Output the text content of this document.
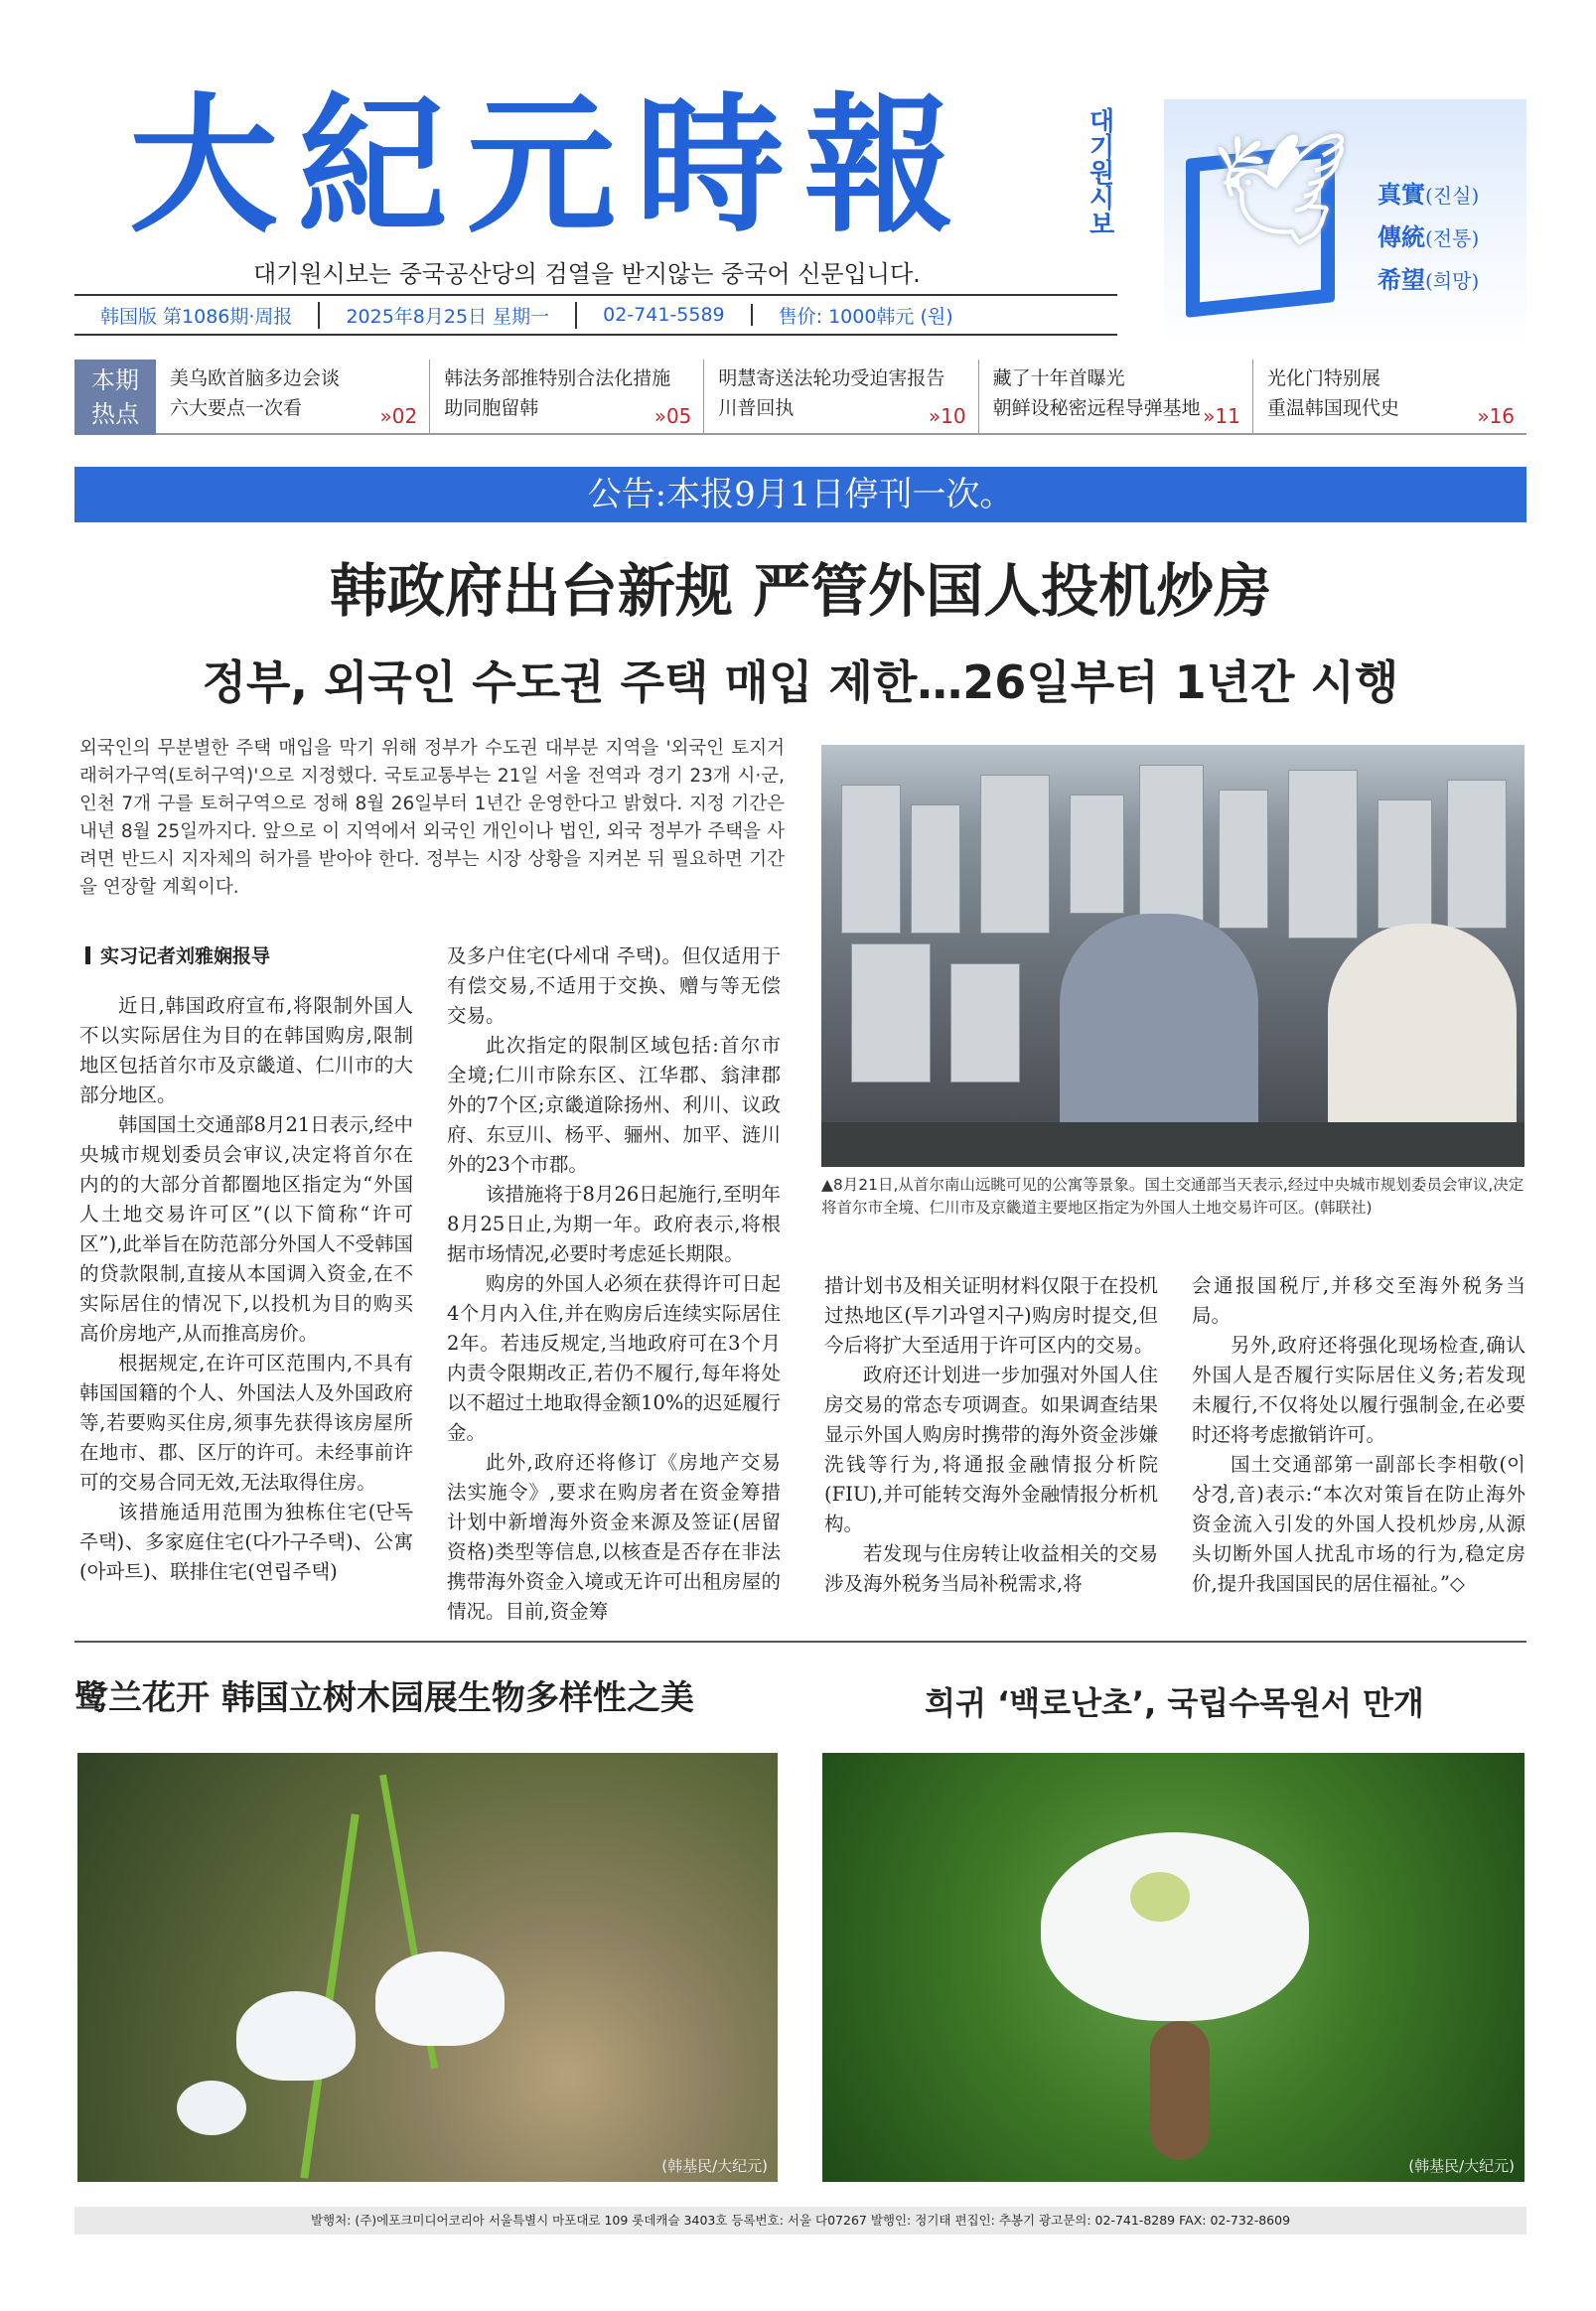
大紀元時報	대기원시보
대기원시보는 중국공산당의 검열을 받지않는 중국어 신문입니다.
韩国版 第1086期·周报	2025年8月25日 星期一	02-741-5589	售价: 1000韩元 (원)
🕊 真實(진실)
傳統(전통)
希望(희망)
本期
热点
美乌欧首脑多边会谈
六大要点一次看	»02
韩法务部推特别合法化措施
助同胞留韩	»05
明慧寄送法轮功受迫害报告
川普回执	»10
藏了十年首曝光
朝鲜设秘密远程导弹基地 »11
光化门特别展
重温韩国现代史	»16
公告:本报9月1日停刊一次。
韩政府出台新规 严管外国人投机炒房
정부, 외국인 수도권 주택 매입 제한…26일부터 1년간 시행
외국인의 무분별한 주택 매입을 막기 위해 정부가 수도권 대부분 지역을 '외국인 토지거래허가구역(토허구역)'으로 지정했다. 국토교통부는 21일 서울 전역과 경기 23개 시·군, 인천 7개 구를 토허구역으로 정해 8월 26일부터 1년간 운영한다고 밝혔다. 지정 기간은 내년 8월 25일까지다. 앞으로 이 지역에서 외국인 개인이나 법인, 외국 정부가 주택을 사려면 반드시 지자체의 허가를 받아야 한다. 정부는 시장 상황을 지켜본 뒤 필요하면 기간을 연장할 계획이다.
实习记者刘雅娴报导

近日,韩国政府宣布,将限制外国人不以实际居住为目的在韩国购房,限制地区包括首尔市及京畿道、仁川市的大部分地区。

韩国国土交通部8月21日表示,经中央城市规划委员会审议,决定将首尔在内的的大部分首都圈地区指定为“外国人土地交易许可区”(以下简称“许可区”),此举旨在防范部分外国人不受韩国的贷款限制,直接从本国调入资金,在不实际居住的情况下,以投机为目的购买高价房地产,从而推高房价。

根据规定,在许可区范围内,不具有韩国国籍的个人、外国法人及外国政府等,若要购买住房,须事先获得该房屋所在地市、郡、区厅的许可。未经事前许可的交易合同无效,无法取得住房。

该措施适用范围为独栋住宅(단독주택)、多家庭住宅(다가구주택)、公寓(아파트)、联排住宅(연립주택)

及多户住宅(다세대 주택)。但仅适用于有偿交易,不适用于交换、赠与等无偿交易。

此次指定的限制区域包括:首尔市全境;仁川市除东区、江华郡、翁津郡外的7个区;京畿道除扬州、利川、议政府、东豆川、杨平、骊州、加平、涟川外的23个市郡。

该措施将于8月26日起施行,至明年8月25日止,为期一年。政府表示,将根据市场情况,必要时考虑延长期限。

购房的外国人必须在获得许可日起4个月内入住,并在购房后连续实际居住2年。若违反规定,当地政府可在3个月内责令限期改正,若仍不履行,每年将处以不超过土地取得金额10%的迟延履行金。

此外,政府还将修订《房地产交易法实施令》,要求在购房者在资金筹措计划中新增海外资金来源及签证(居留资格)类型等信息,以核查是否存在非法携带海外资金入境或无许可出租房屋的情况。目前,资金筹

▲8月21日,从首尔南山远眺可见的公寓等景象。国土交通部当天表示,经过中央城市规划委员会审议,决定将首尔市全境、仁川市及京畿道主要地区指定为外国人土地交易许可区。(韩联社)

措计划书及相关证明材料仅限于在投机过热地区(투기과열지구)购房时提交,但今后将扩大至适用于许可区内的交易。

政府还计划进一步加强对外国人住房交易的常态专项调查。如果调查结果显示外国人购房时携带的海外资金涉嫌洗钱等行为,将通报金融情报分析院(FIU),并可能转交海外金融情报分析机构。

若发现与住房转让收益相关的交易涉及海外税务当局补税需求,将

会通报国税厅,并移交至海外税务当局。

另外,政府还将强化现场检查,确认外国人是否履行实际居住义务;若发现未履行,不仅将处以履行强制金,在必要时还将考虑撤销许可。

国土交通部第一副部长李相敬(이상경,音)表示:“本次对策旨在防止海外资金流入引发的外国人投机炒房,从源头切断外国人扰乱市场的行为,稳定房价,提升我国国民的居住福祉。”◇

鹭兰花开 韩国立树木园展生物多样性之美	희귀 ‘백로난초’, 국립수목원서 만개
(韩基民/大纪元)	(韩基民/大纪元)
발행처: (주)에포크미디어코리아 서울특별시 마포대로 109 롯데캐슬 3403호 등록번호: 서울 다07267 발행인: 정기태 편집인: 추봉기 광고문의: 02-741-8289 FAX: 02-732-8609
